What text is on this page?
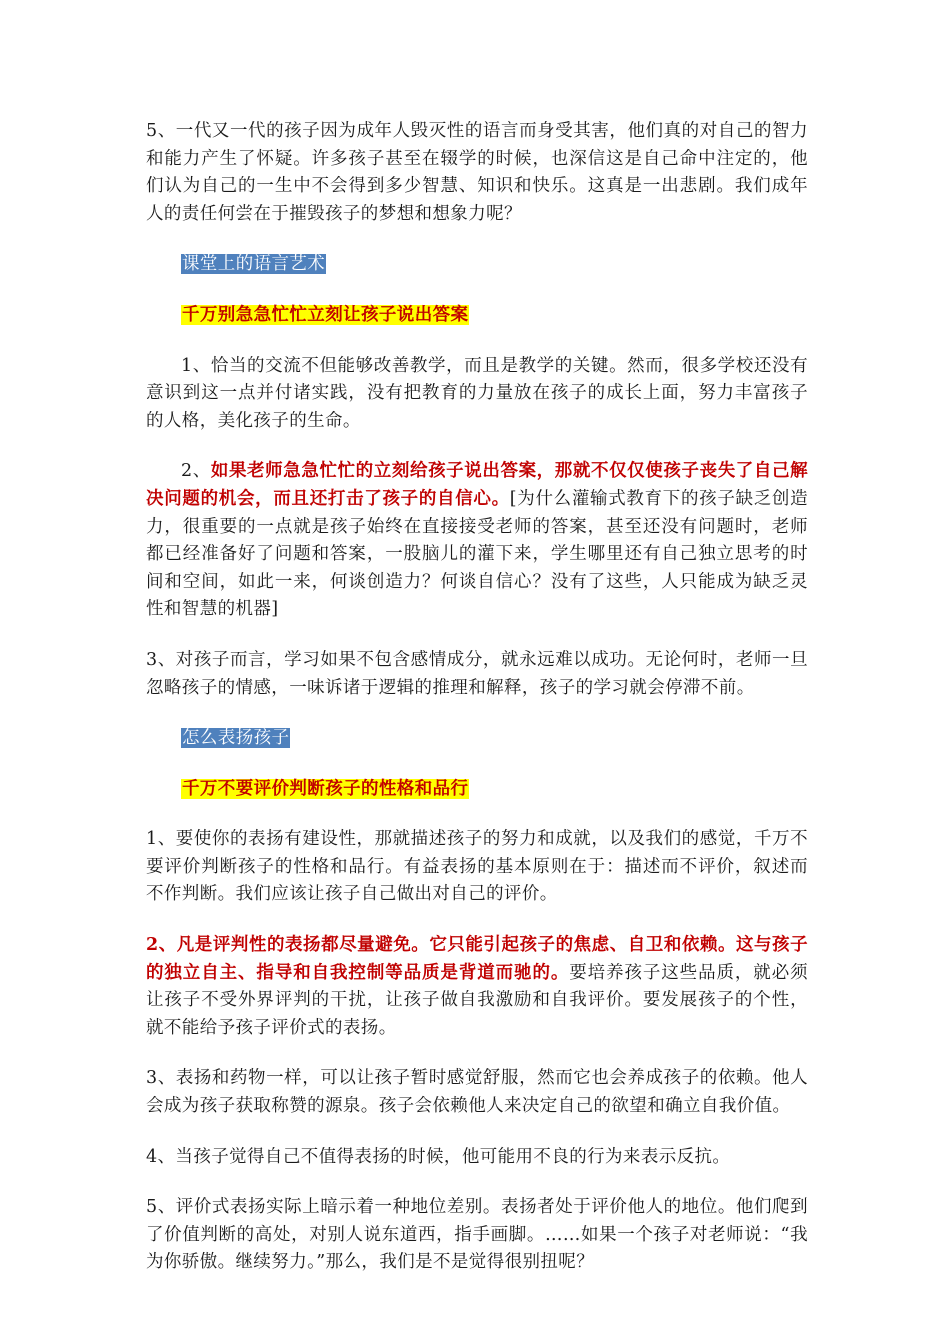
5、一代又一代的孩子因为成年人毁灭性的语言而身受其害，他们真的对自己的智力和能力产生了怀疑。许多孩子甚至在辍学的时候，也深信这是自己命中注定的，他们认为自己的一生中不会得到多少智慧、知识和快乐。这真是一出悲剧。我们成年人的责任何尝在于摧毁孩子的梦想和想象力呢？

课堂上的语言艺术
千万别急急忙忙立刻让孩子说出答案

1、恰当的交流不但能够改善教学，而且是教学的关键。然而，很多学校还没有意识到这一点并付诸实践，没有把教育的力量放在孩子的成长上面，努力丰富孩子的人格，美化孩子的生命。

2、如果老师急急忙忙的立刻给孩子说出答案，那就不仅仅使孩子丧失了自己解决问题的机会，而且还打击了孩子的自信心。[为什么灌输式教育下的孩子缺乏创造力，很重要的一点就是孩子始终在直接接受老师的答案，甚至还没有问题时，老师都已经准备好了问题和答案，一股脑儿的灌下来，学生哪里还有自己独立思考的时间和空间，如此一来，何谈创造力？何谈自信心？没有了这些，人只能成为缺乏灵性和智慧的机器]

3、对孩子而言，学习如果不包含感情成分，就永远难以成功。无论何时，老师一旦忽略孩子的情感，一味诉诸于逻辑的推理和解释，孩子的学习就会停滞不前。

怎么表扬孩子
千万不要评价判断孩子的性格和品行

1、要使你的表扬有建设性，那就描述孩子的努力和成就，以及我们的感觉，千万不要评价判断孩子的性格和品行。有益表扬的基本原则在于：描述而不评价，叙述而不作判断。我们应该让孩子自己做出对自己的评价。

2、凡是评判性的表扬都尽量避免。它只能引起孩子的焦虑、自卫和依赖。这与孩子的独立自主、指导和自我控制等品质是背道而驰的。要培养孩子这些品质，就必须让孩子不受外界评判的干扰，让孩子做自我激励和自我评价。要发展孩子的个性，就不能给予孩子评价式的表扬。

3、表扬和药物一样，可以让孩子暂时感觉舒服，然而它也会养成孩子的依赖。他人会成为孩子获取称赞的源泉。孩子会依赖他人来决定自己的欲望和确立自我价值。

4、当孩子觉得自己不值得表扬的时候，他可能用不良的行为来表示反抗。

5、评价式表扬实际上暗示着一种地位差别。表扬者处于评价他人的地位。他们爬到了价值判断的高处，对别人说东道西，指手画脚。……如果一个孩子对老师说：“我为你骄傲。继续努力。”那么，我们是不是觉得很别扭呢？
